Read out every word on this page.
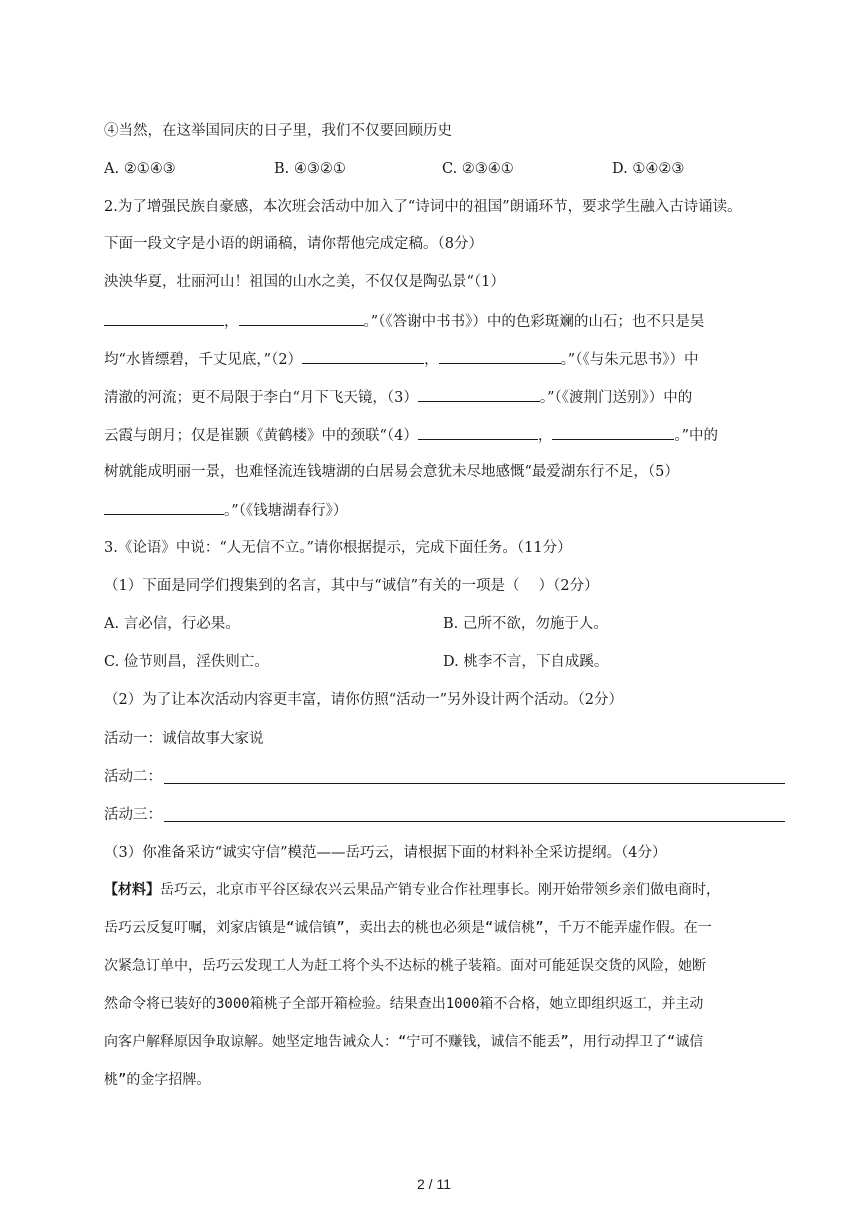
④当然，在这举国同庆的日子里，我们不仅要回顾历史
A. ②①④③	B. ④③②①	C. ②③④①	D. ①④②③
2.为了增强民族自豪感，本次班会活动中加入了“诗词中的祖国”朗诵环节，要求学生融入古诗诵读。
下面一段文字是小语的朗诵稿，请你帮他完成定稿。（8分）
泱泱华夏，壮丽河山！祖国的山水之美，不仅仅是陶弘景“（1）
，	。”（《答谢中书书》）中的色彩斑斓的山石；也不只是吴
均“水皆缥碧，千丈见底，”（2）	，	。”（《与朱元思书》）中
清澈的河流；更不局限于李白“月下飞天镜，（3）	。”（《渡荆门送别》）中的
云霞与朗月；仅是崔颢《黄鹤楼》中的颈联“（4）	，	。”中的
树就能成明丽一景，也难怪流连钱塘湖的白居易会意犹未尽地感慨“最爱湖东行不足，（5）
。”（《钱塘湖春行》）
3.《论语》中说：“人无信不立。”请你根据提示，完成下面任务。（11分）
（1）下面是同学们搜集到的名言，其中与“诚信”有关的一项是（　 ）（2分）
A. 言必信，行必果。	B. 己所不欲，勿施于人。
C. 俭节则昌，淫佚则亡。	D. 桃李不言，下自成蹊。
（2）为了让本次活动内容更丰富，请你仿照“活动一”另外设计两个活动。（2分）
活动一：诚信故事大家说
活动二：
活动三：
（3）你准备采访“诚实守信”模范——岳巧云，请根据下面的材料补全采访提纲。（4分）
【材料】岳巧云，北京市平谷区绿农兴云果品产销专业合作社理事长。刚开始带领乡亲们做电商时，
岳巧云反复叮嘱，刘家店镇是“诚信镇”，卖出去的桃也必须是“诚信桃”，千万不能弄虚作假。在一
次紧急订单中，岳巧云发现工人为赶工将个头不达标的桃子装箱。面对可能延误交货的风险，她断
然命令将已装好的3000箱桃子全部开箱检验。结果查出1000箱不合格，她立即组织返工，并主动
向客户解释原因争取谅解。她坚定地告诫众人：“宁可不赚钱，诚信不能丢”，用行动捍卫了“诚信
桃”的金字招牌。
2 / 11
